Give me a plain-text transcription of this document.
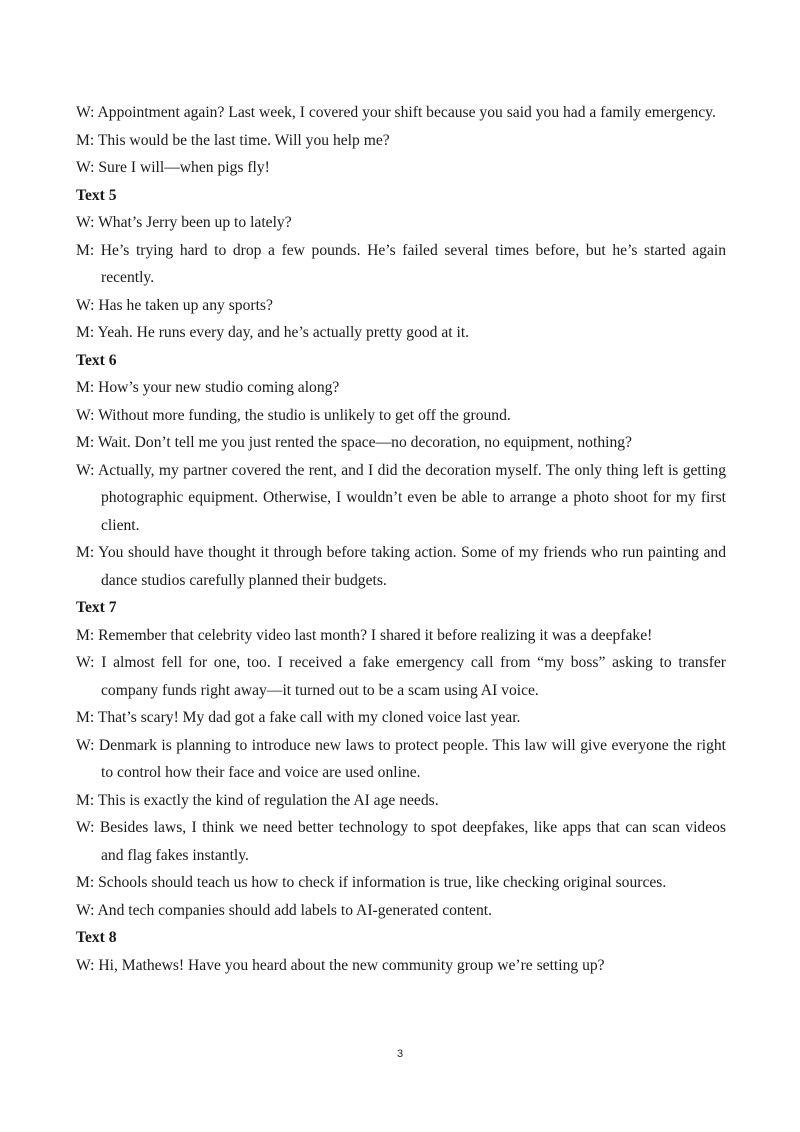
W: Appointment again? Last week, I covered your shift because you said you had a family emergency.
M: This would be the last time. Will you help me?
W: Sure I will—when pigs fly!
Text 5
W: What’s Jerry been up to lately?
M: He’s trying hard to drop a few pounds. He’s failed several times before, but he’s started again recently.
W: Has he taken up any sports?
M: Yeah. He runs every day, and he’s actually pretty good at it.
Text 6
M: How’s your new studio coming along?
W: Without more funding, the studio is unlikely to get off the ground.
M: Wait. Don’t tell me you just rented the space—no decoration, no equipment, nothing?
W: Actually, my partner covered the rent, and I did the decoration myself. The only thing left is getting photographic equipment. Otherwise, I wouldn’t even be able to arrange a photo shoot for my first client.
M: You should have thought it through before taking action. Some of my friends who run painting and dance studios carefully planned their budgets.
Text 7
M: Remember that celebrity video last month? I shared it before realizing it was a deepfake!
W: I almost fell for one, too. I received a fake emergency call from “my boss” asking to transfer company funds right away—it turned out to be a scam using AI voice.
M: That’s scary! My dad got a fake call with my cloned voice last year.
W: Denmark is planning to introduce new laws to protect people. This law will give everyone the right to control how their face and voice are used online.
M: This is exactly the kind of regulation the AI age needs.
W: Besides laws, I think we need better technology to spot deepfakes, like apps that can scan videos and flag fakes instantly.
M: Schools should teach us how to check if information is true, like checking original sources.
W: And tech companies should add labels to AI-generated content.
Text 8
W: Hi, Mathews! Have you heard about the new community group we’re setting up?
3
